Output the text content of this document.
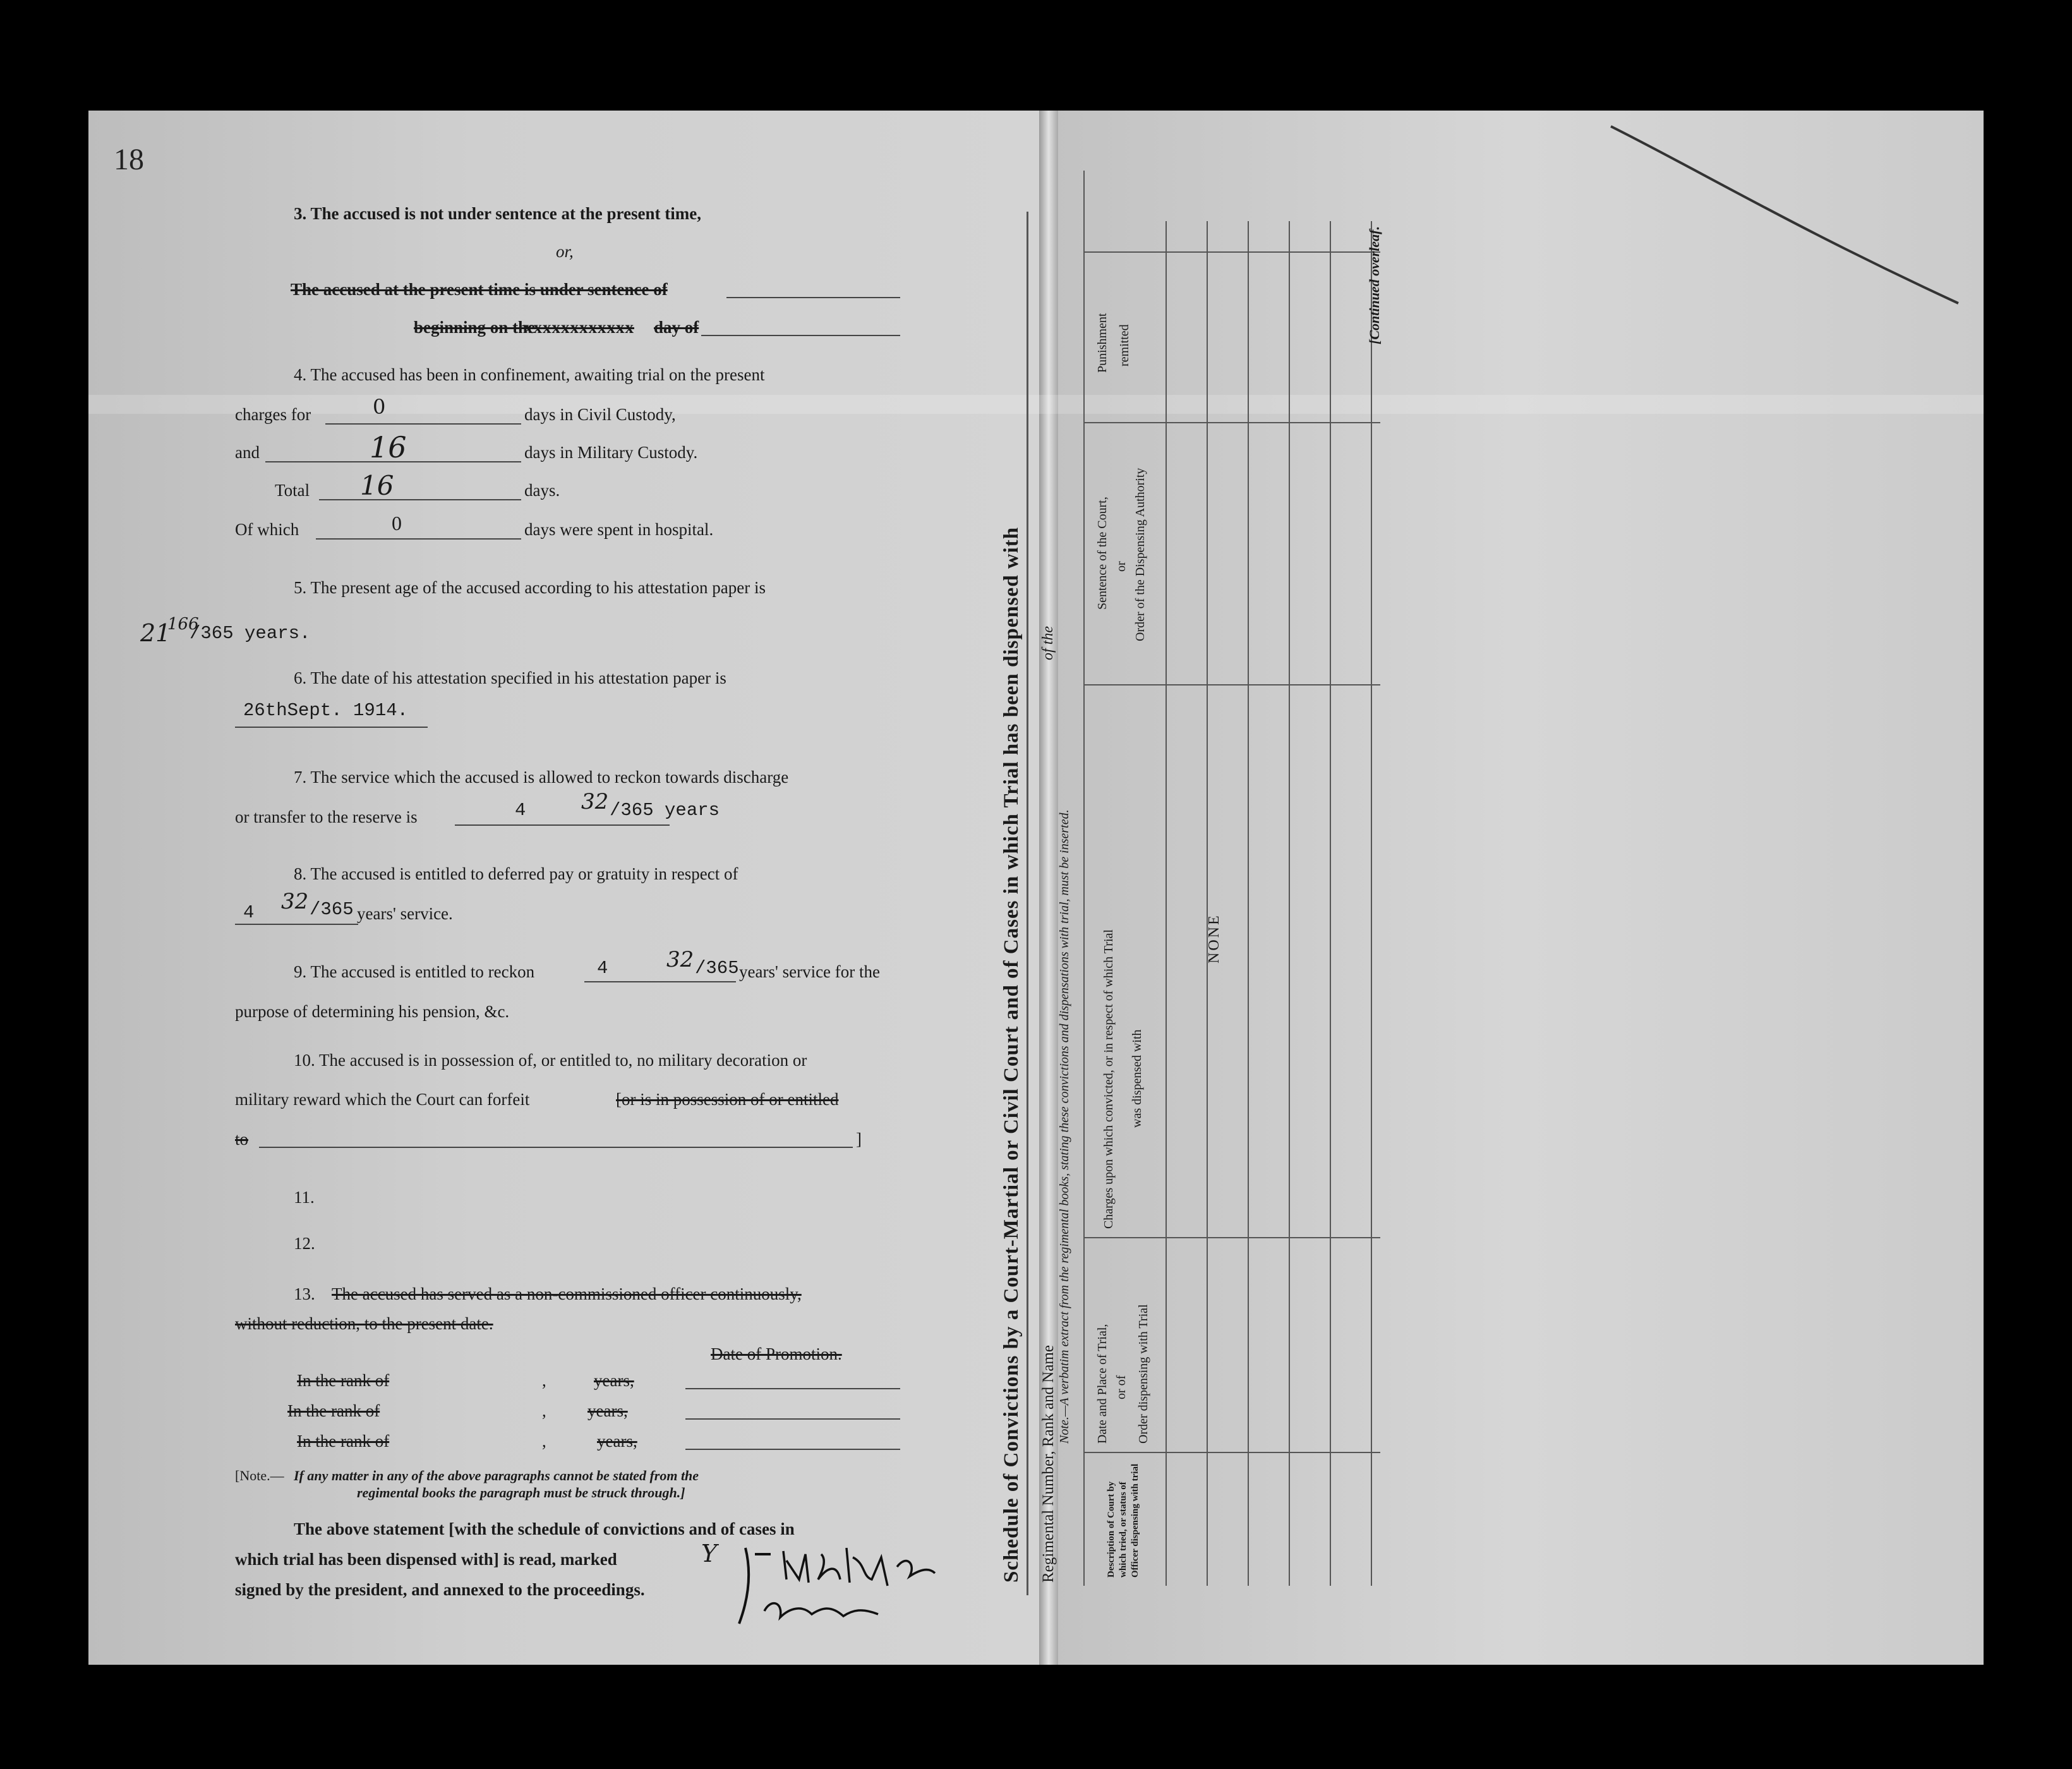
18
3. The accused is not under sentence at the present time,
or,
The accused at the present time is under sentence of
beginning on the
xxxxxxxxxxxx day of
4. The accused has been in confinement, awaiting trial on the present
charges for	0	days in Civil Custody,
and	16	days in Military Custody.
Total 16	days.
Of which	0	days were spent in hospital.
5. The present age of the accused according to his attestation paper is
21
166
/365 years.
6. The date of his attestation specified in his attestation paper is
26thSept. 1914.
7. The service which the accused is allowed to reckon towards discharge
or transfer to the reserve is	4	32 /365 years
8. The accused is entitled to deferred pay or gratuity in respect of
4 32 /365 years' service.
9. The accused is entitled to reckon	4	32 /365 years' service for the
purpose of determining his pension, &c.
10. The accused is in possession of, or entitled to, no military decoration or
military reward which the Court can forfeit	[or is in possession of or entitled
to	]
11.
12.
13. The accused has served as a non-commissioned officer continuously,
without reduction, to the present date.
Date of Promotion.
In the rank of	,	years,
In the rank of	, years,
In the rank of	,	years,
[Note.— If any matter in any of the above paragraphs cannot be stated from the
regimental books the paragraph must be struck through.]
The above statement [with the schedule of convictions and of cases in
which trial has been dispensed with] is read, marked
signed by the president, and annexed to the proceedings.
Y	Schedule of Convictions by a Court-Martial or Civil Court and of Cases in which Trial has been dispensed with Regimental Number, Rank and Name
of the
Note.—A verbatim extract from the regimental books, stating these convictions and dispensations with trial, must be inserted.
Description of Court by which tried, or status of Officer dispensing with trial
Date and Place of Trial, or of Order dispensing with Trial
Charges upon which convicted, or in respect of which Trial was dispensed with
Sentence of the Court, or Order of the Dispensing Authority
Punishment remitted
NONE
[Continued overleaf.
